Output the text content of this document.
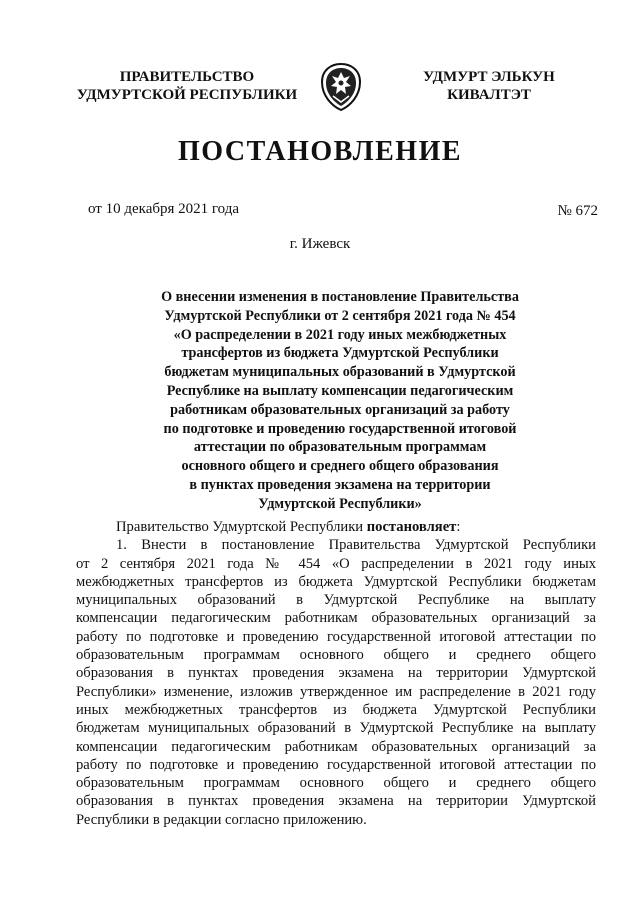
ПРАВИТЕЛЬСТВО
УДМУРТСКОЙ РЕСПУБЛИКИ
УДМУРТ ЭЛЬКУН
КИВАЛТЭТ
ПОСТАНОВЛЕНИЕ
от 10 декабря 2021 года	№ 672
г. Ижевск
О внесении изменения в постановление Правительства
Удмуртской Республики от 2 сентября 2021 года № 454
«О распределении в 2021 году иных межбюджетных
трансфертов из бюджета Удмуртской Республики
бюджетам муниципальных образований в Удмуртской
Республике на выплату компенсации педагогическим
работникам образовательных организаций за работу
по подготовке и проведению государственной итоговой
аттестации по образовательным программам
основного общего и среднего общего образования
в пунктах проведения экзамена на территории
Удмуртской Республики»
Правительство Удмуртской Республики постановляет:
1. Внести в постановление Правительства Удмуртской Республики
от 2 сентября 2021 года № 454 «О распределении в 2021 году иных
межбюджетных трансфертов из бюджета Удмуртской Республики бюджетам
муниципальных образований в Удмуртской Республике на выплату
компенсации педагогическим работникам образовательных организаций за
работу по подготовке и проведению государственной итоговой аттестации по
образовательным программам основного общего и среднего общего
образования в пунктах проведения экзамена на территории Удмуртской
Республики» изменение, изложив утвержденное им распределение в 2021 году
иных межбюджетных трансфертов из бюджета Удмуртской Республики
бюджетам муниципальных образований в Удмуртской Республике на выплату
компенсации педагогическим работникам образовательных организаций за
работу по подготовке и проведению государственной итоговой аттестации по
образовательным программам основного общего и среднего общего
образования в пунктах проведения экзамена на территории Удмуртской
Республики в редакции согласно приложению.
